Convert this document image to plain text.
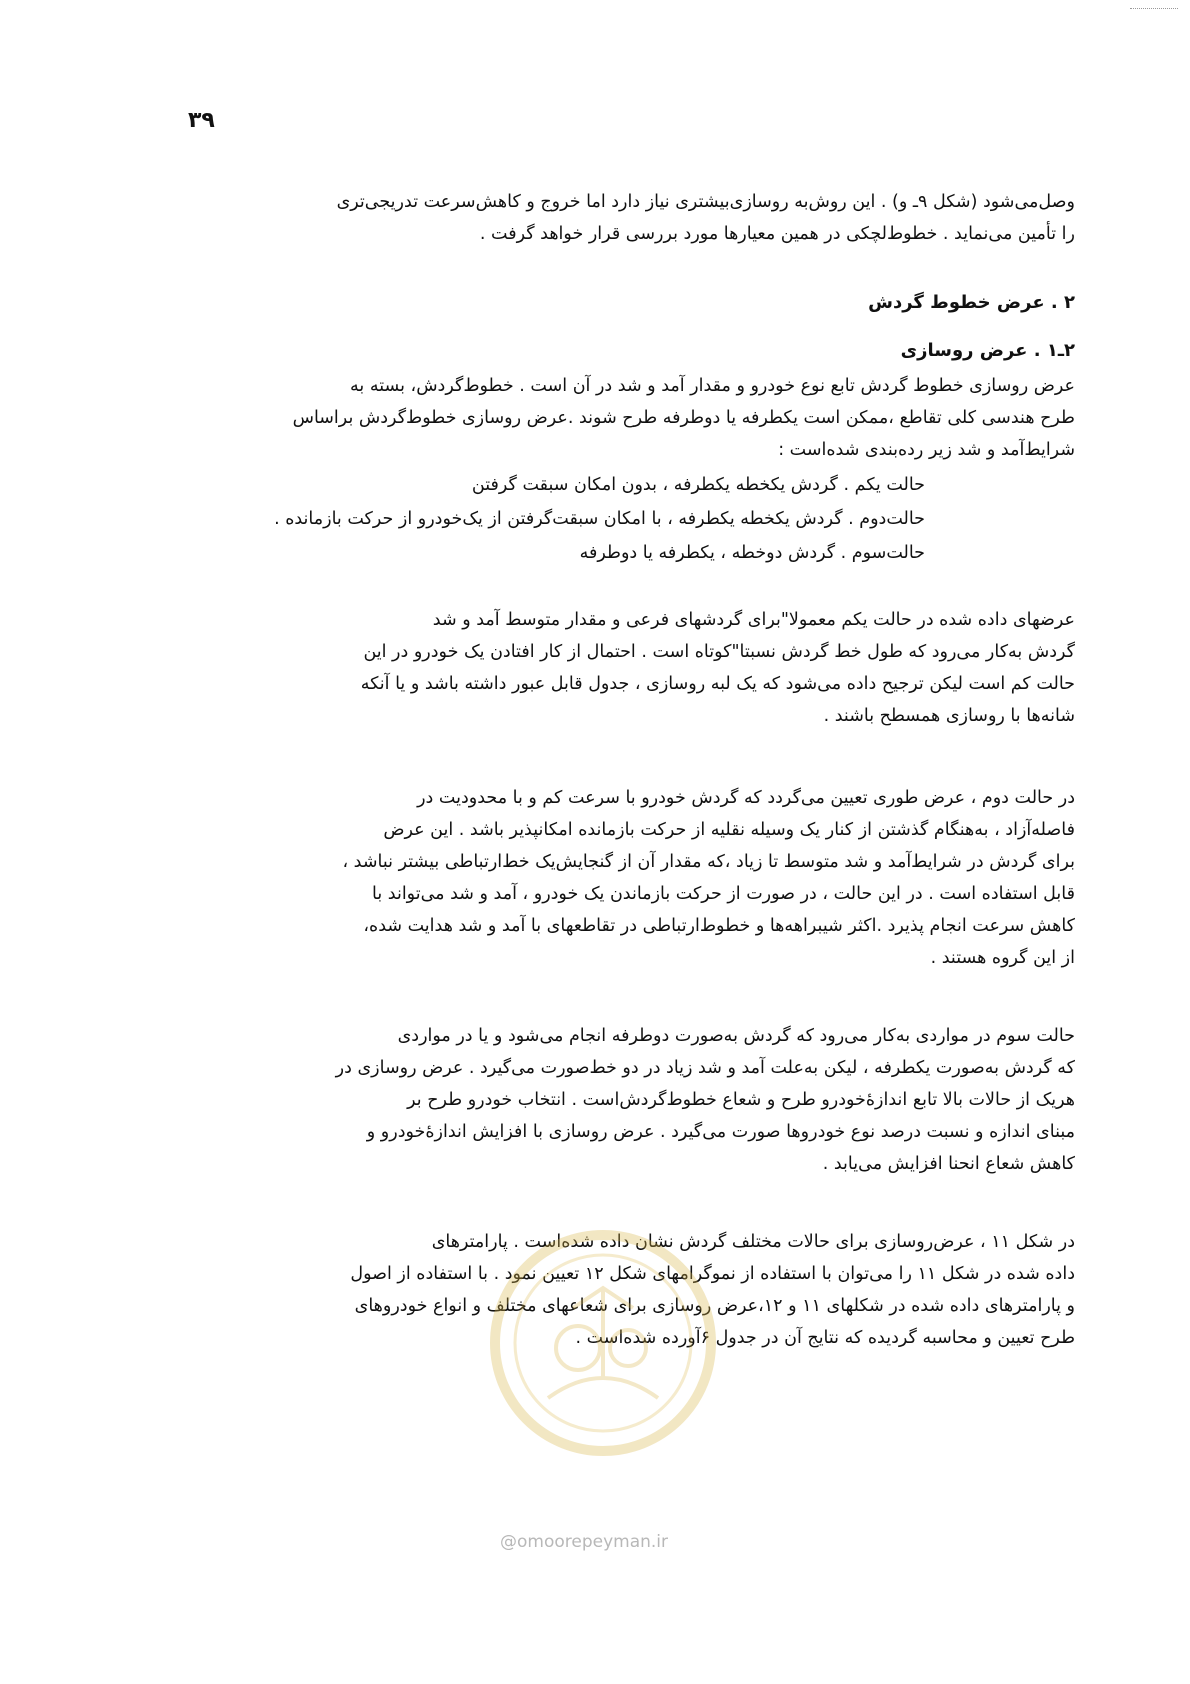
۳۹

وصل‌می‌شود (شکل ۹ـ و) . این روش‌به روسازی‌بیشتری نیاز دارد اما خروج و کاهش‌سرعت تدریجی‌تری

را تأمین می‌نماید . خطوط‌لچکی در همین معیارها مورد بررسی قرار خواهد گرفت .

۲ . عرض خطوط گردش
۲ـ۱ . عرض روسازی

عرض روسازی خطوط گردش تابع نوع خودرو و مقدار آمد و شد در آن است . خطوط‌گردش، بسته به

طرح هندسی کلی تقاطع ،ممکن است یکطرفه یا دوطرفه طرح شوند .عرض روسازی خطوط‌گردش براساس

شرایط‌آمد و شد زیر رده‌بندی شده‌است :

حالت یکم . گردش یکخطه یکطرفه ، بدون امکان سبقت گرفتن
حالت‌دوم . گردش یکخطه یکطرفه ، با امکان سبقت‌گرفتن از یک‌خودرو از حرکت بازمانده .
حالت‌سوم . گردش دوخطه ، یکطرفه یا دوطرفه

عرضهای داده شده در حالت یکم معمولا"برای گردشهای فرعی و مقدار متوسط آمد و شد

گردش به‌کار می‌رود که طول خط گردش نسبتا"کوتاه است . احتمال از کار افتادن یک خودرو در این

حالت کم است لیکن ترجیح داده می‌شود که یک لبه روسازی ، جدول قابل عبور داشته باشد و یا آنکه

شانه‌ها با روسازی همسطح باشند .

در حالت دوم ، عرض طوری تعیین می‌گردد که گردش خودرو با سرعت کم و با محدودیت در

فاصله‌آزاد ، به‌هنگام گذشتن از کنار یک وسیله نقلیه از حرکت بازمانده امکانپذیر باشد . این عرض

برای گردش در شرایط‌آمد و شد متوسط تا زیاد ،که مقدار آن از گنجایش‌یک خط‌ارتباطی بیشتر نباشد ،

قابل استفاده است . در این حالت ، در صورت از حرکت بازماندن یک خودرو ، آمد و شد می‌تواند با

کاهش سرعت انجام پذیرد .اکثر شیبراهه‌ها و خطوط‌ارتباطی در تقاطعهای با آمد و شد هدایت شده،

از این گروه هستند .

حالت سوم در مواردی به‌کار می‌رود که گردش به‌صورت دوطرفه انجام می‌شود و یا در مواردی

که گردش به‌صورت یکطرفه ، لیکن به‌علت آمد و شد زیاد در دو خط‌صورت می‌گیرد . عرض روسازی در

هریک از حالات بالا تابع اندازهٔ‌خودرو طرح و شعاع خطوط‌گردش‌است . انتخاب خودرو طرح بر

مبنای اندازه و نسبت درصد نوع خودروها صورت می‌گیرد . عرض روسازی با افزایش اندازهٔ‌خودرو و

کاهش شعاع انحنا افزایش می‌یابد .

در شکل ۱۱ ، عرض‌روسازی برای حالات مختلف گردش نشان داده شده‌است . پارامترهای

داده شده در شکل ۱۱ را می‌توان با استفاده از نموگرامهای شکل ۱۲ تعیین نمود . با استفاده از اصول

و پارامترهای داده شده در شکلهای ۱۱ و ۱۲،عرض روسازی برای شعاعهای مختلف و انواع خودروهای

طرح تعیین و محاسبه گردیده که نتایج آن در جدول ۶آورده شده‌است .

@omoorepeyman.ir
